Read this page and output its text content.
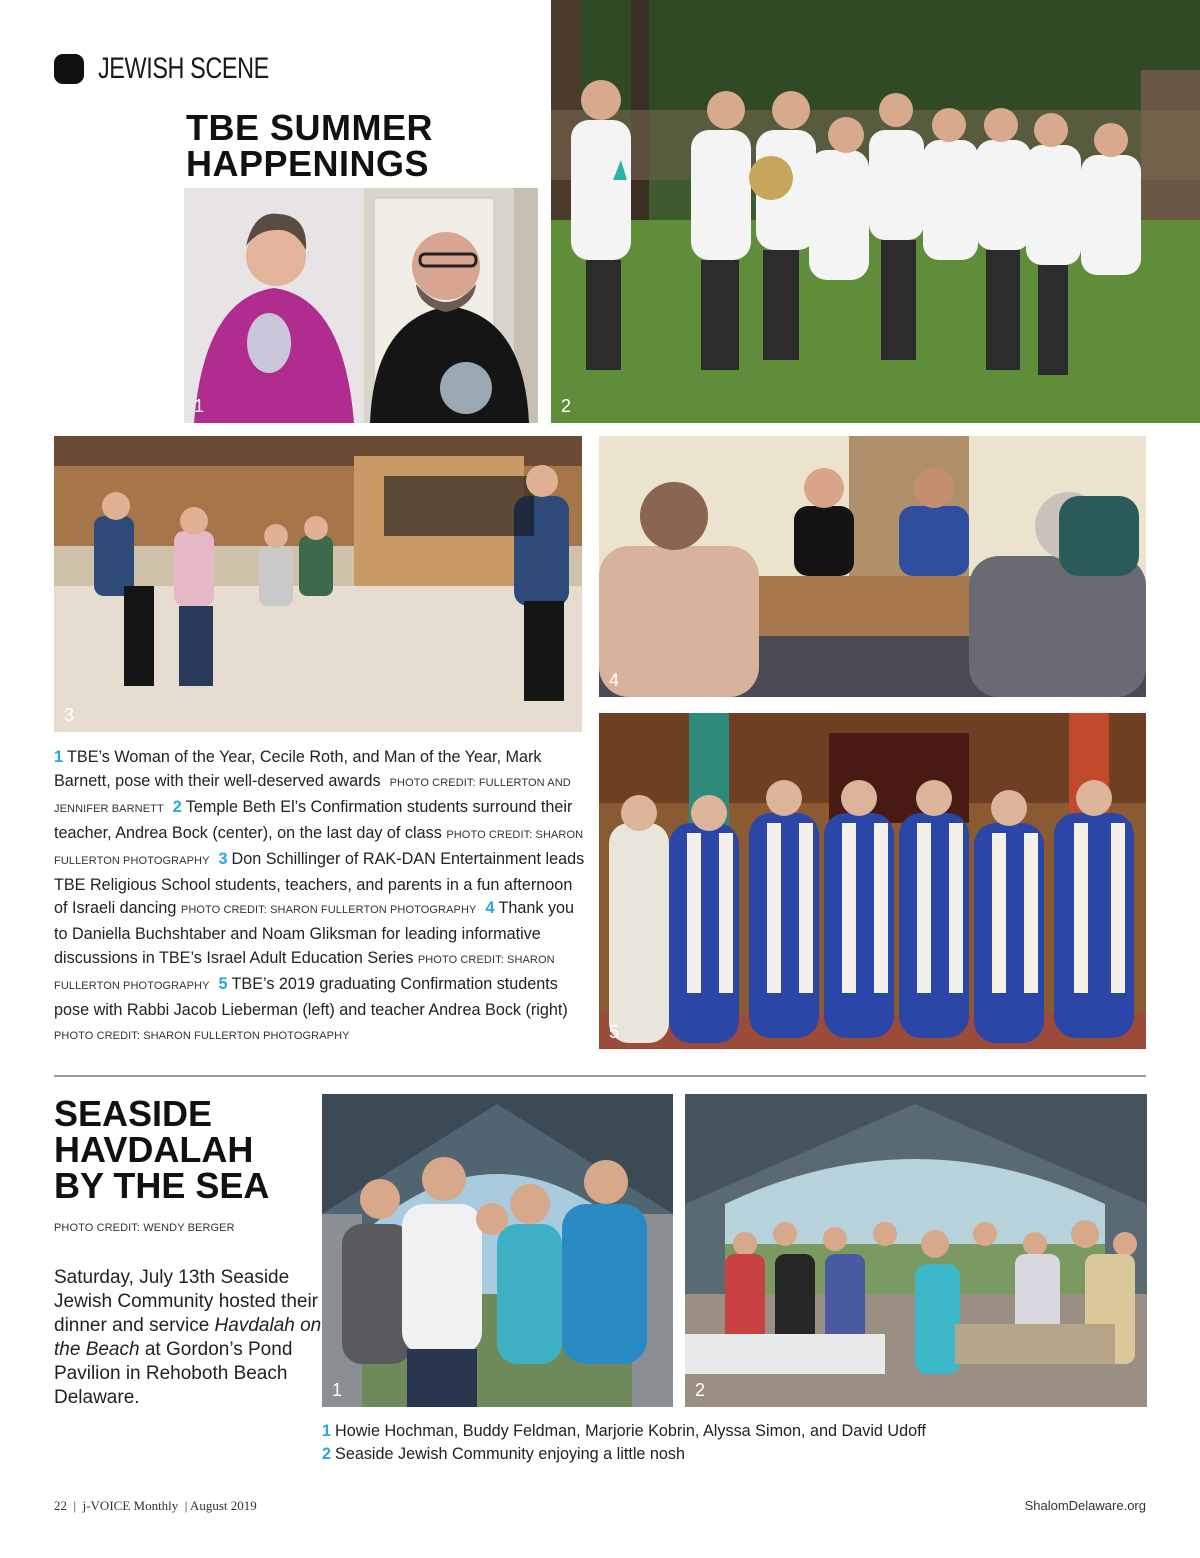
JEWISH SCENE
TBE SUMMER
HAPPENINGS
1	2
3
4
5
1 TBE’s Woman of the Year, Cecile Roth, and Man of the Year, Mark Barnett, pose with their well-deserved awards PHOTO CREDIT: FULLERTON AND JENNIFER BARNETT 2 Temple Beth El’s Confirmation students surround their teacher, Andrea Bock (center), on the last day of class PHOTO CREDIT: SHARON FULLERTON PHOTOGRAPHY 3 Don Schillinger of RAK-DAN Entertainment leads TBE Religious School students, teachers, and parents in a fun afternoon of Israeli dancing PHOTO CREDIT: SHARON FULLERTON PHOTOGRAPHY 4 Thank you to Daniella Buchshtaber and Noam Gliksman for leading informative discussions in TBE’s Israel Adult Education Series PHOTO CREDIT: SHARON FULLERTON PHOTOGRAPHY 5 TBE’s 2019 graduating Confirmation students pose with Rabbi Jacob Lieberman (left) and teacher Andrea Bock (right)  PHOTO CREDIT: SHARON FULLERTON PHOTOGRAPHY
SEASIDE
HAVDALAH
BY THE SEA
PHOTO CREDIT: WENDY BERGER
Saturday, July 13th Seaside Jewish Community hosted their dinner and service Havdalah on the Beach at Gordon’s Pond Pavilion in Rehoboth Beach Delaware.	1	2
1 Howie Hochman, Buddy Feldman, Marjorie Kobrin, Alyssa Simon, and David Udoff
2 Seaside Jewish Community enjoying a little nosh
22  |  j-VOICE Monthly  | August 2019	ShalomDelaware.org
